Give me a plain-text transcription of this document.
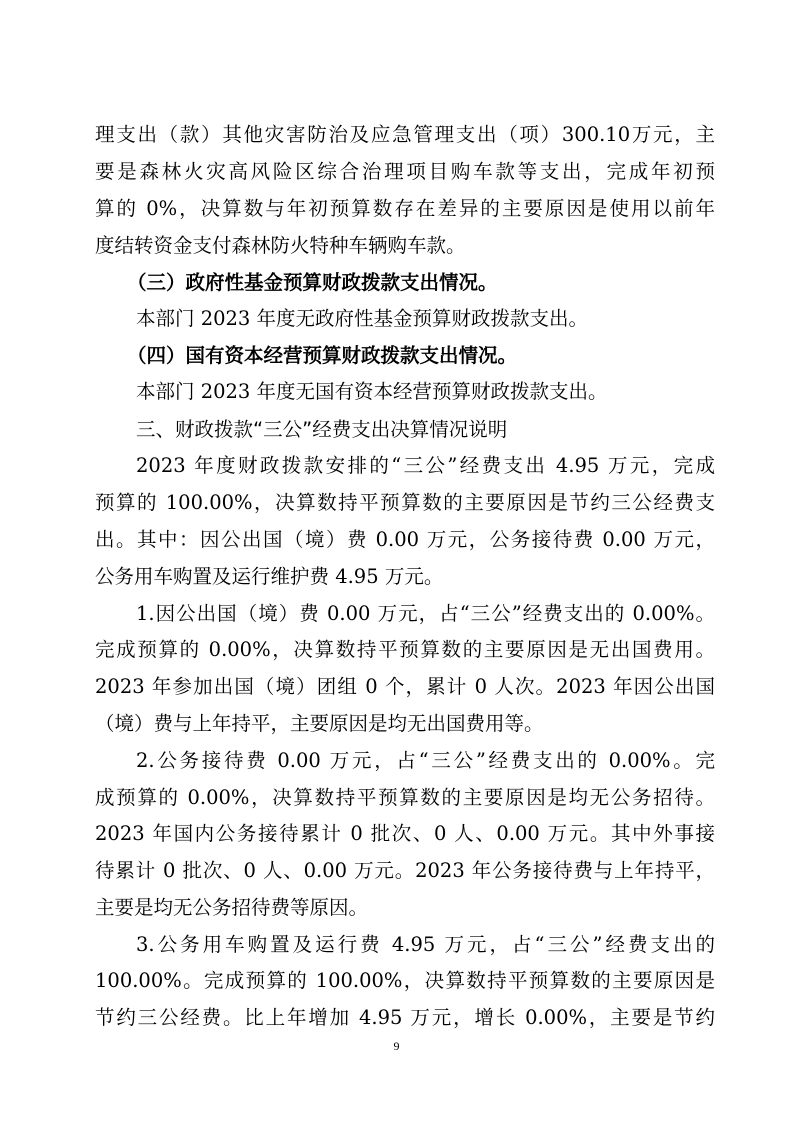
理支出（款）其他灾害防治及应急管理支出（项）300.10万元，主
要是森林火灾高风险区综合治理项目购车款等支出，完成年初预
算的 0%，决算数与年初预算数存在差异的主要原因是使用以前年
度结转资金支付森林防火特种车辆购车款。
（三）政府性基金预算财政拨款支出情况。
本部门 2023 年度无政府性基金预算财政拨款支出。
（四）国有资本经营预算财政拨款支出情况。
本部门 2023 年度无国有资本经营预算财政拨款支出。
三、财政拨款“三公”经费支出决算情况说明
2023 年度财政拨款安排的“三公”经费支出 4.95 万元，完成
预算的 100.00%，决算数持平预算数的主要原因是节约三公经费支
出。其中：因公出国（境）费 0.00 万元，公务接待费 0.00 万元，
公务用车购置及运行维护费 4.95 万元。
1.因公出国（境）费 0.00 万元，占“三公”经费支出的 0.00%。
完成预算的 0.00%，决算数持平预算数的主要原因是无出国费用。
2023 年参加出国（境）团组 0 个，累计 0 人次。2023 年因公出国
（境）费与上年持平，主要原因是均无出国费用等。
2.公务接待费 0.00 万元，占“三公”经费支出的 0.00%。完
成预算的 0.00%，决算数持平预算数的主要原因是均无公务招待。
2023 年国内公务接待累计 0 批次、0 人、0.00 万元。其中外事接
待累计 0 批次、0 人、0.00 万元。2023 年公务接待费与上年持平，
主要是均无公务招待费等原因。
3.公务用车购置及运行费 4.95 万元，占“三公”经费支出的
100.00%。完成预算的 100.00%，决算数持平预算数的主要原因是
节约三公经费。比上年增加 4.95 万元，增长 0.00%，主要是节约
9
